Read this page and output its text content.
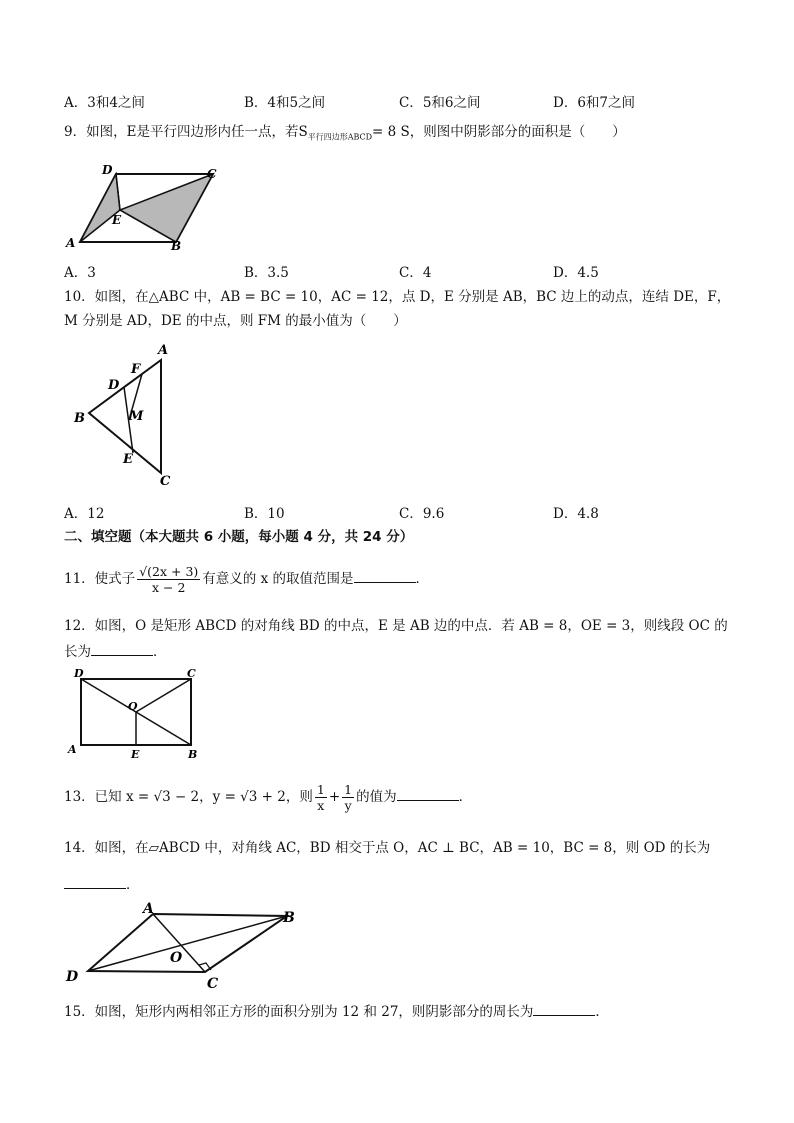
A．3和4之间	B．4和5之间	C．5和6之间	D．6和7之间
9．如图，E是平行四边形内任一点，若$S_{平行四边形ABCD}= 8$ S，则图中阴影部分的面积是（　　）
D	C
E
A	B
A．3	B．3.5	C．4	D．4.5
10．如图，在△ABC 中，AB = BC = 10，AC = 12，点 D，E 分别是 AB，BC 边上的动点，连结 DE，F，
M 分别是 AD，DE 的中点，则 FM 的最小值为（　　）
A
F
D
M
B
E
C
A．12	B．10	C．9.6	D．4.8
二、填空题（本大题共 6 小题，每小题 4 分，共 24 分）
11．使式子 $\frac{√(2x + 3)}{x - 2}$ 有意义的 x 的取值范围是	．
12．如图，O 是矩形 ABCD 的对角线 BD 的中点，E 是 AB 边的中点．若 AB = 8，OE = 3，则线段 OC 的
长为	．
D	C
O
A	E	B
13．已知 x = √3 − 2，y = √3 + 2，则 $\frac{1}{x} + \frac{1}{y}$ 的值为	．
14．如图，在▱ABCD 中，对角线 AC，BD 相交于点 O，AC ⊥ BC，AB = 10，BC = 8，则 OD 的长为
．
A
B
O
D	C
15．如图，矩形内两相邻正方形的面积分别为 12 和 27，则阴影部分的周长为	．
